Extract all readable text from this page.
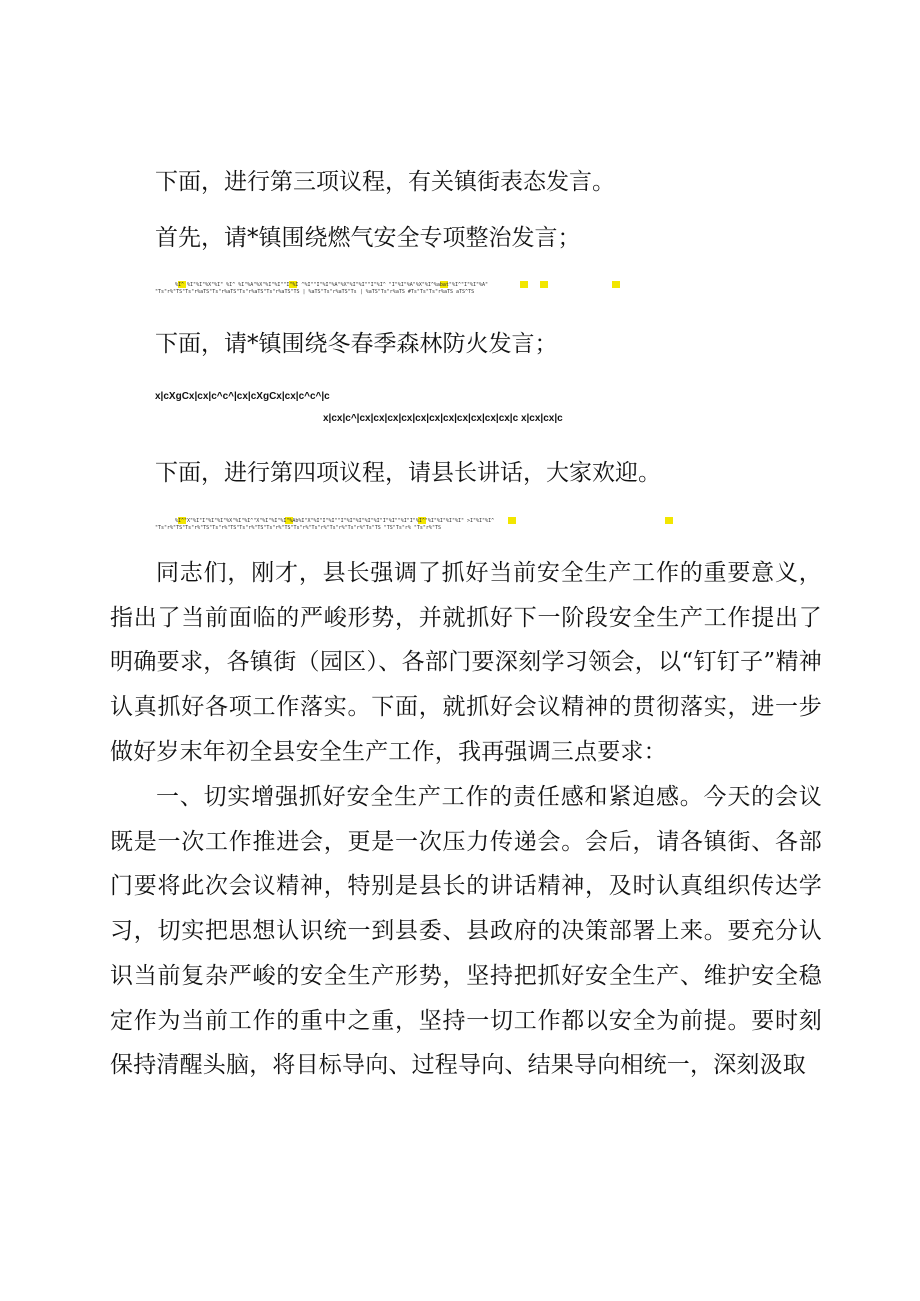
下面，进行第三项议程，有关镇街表态发言。
首先，请*镇围绕燃气安全专项整治发言；
%I^ %I"%I"%X"%I" %I^ %I"%A"%X"%I"%I""I"%I ^%I""I"%I"%A"%X"%I"%I""I"%I^ "I"%I"%A"%X"%I^%abat"%I^"I"%I"%A"
"Ts"r%"TS"Ts"r%aTS"Ts"r%aTS"Ts"r%aTS"Ts"r%aTS"TS | %aTS"Ts"r%aTS"Ts | %aTS"Ts"r%aTS #Ts"Ts"Ts"r%aTS aTS^TS
下面，请*镇围绕冬春季森林防火发言；
x|cXgCx|cx|c^c^|cx|cXgCx|cx|c^c^|c
x|cx|c^|cx|cx|cx|cx|cx|cx|cx|cx|cx|cx|cx|c x|cx|cx|c
下面，进行第四项议程，请县长讲话，大家欢迎。
%I^"X"%I"I"%I"%I"%X"%I"%I^"X"%I"%I"%I"%Ab%I"X"%I"I"%I""I"%I"%I"%I"%I"I"%I""%I"I"%I^"%I"%I"%I"%I" >I"%I"%I^
"Ts"r%"TS"Ts"r%"TS"Ts"r%"TS"Ts"r%"TS"Ts"r%"TS"Ts"r%"Ts"r%"Ts"r%"Ts"r%"Ts"TS "TS"Ts"r% "Ts"r%"TS
同志们，刚才，县长强调了抓好当前安全生产工作的重要意义，指出了当前面临的严峻形势，并就抓好下一阶段安全生产工作提出了明确要求，各镇街（园区）、各部门要深刻学习领会，以“钉钉子”精神认真抓好各项工作落实。下面，就抓好会议精神的贯彻落实，进一步做好岁末年初全县安全生产工作，我再强调三点要求：
一、切实增强抓好安全生产工作的责任感和紧迫感。今天的会议既是一次工作推进会，更是一次压力传递会。会后，请各镇街、各部门要将此次会议精神，特别是县长的讲话精神，及时认真组织传达学习，切实把思想认识统一到县委、县政府的决策部署上来。要充分认识当前复杂严峻的安全生产形势，坚持把抓好安全生产、维护安全稳定作为当前工作的重中之重，坚持一切工作都以安全为前提。要时刻保持清醒头脑，将目标导向、过程导向、结果导向相统一，深刻汲取
